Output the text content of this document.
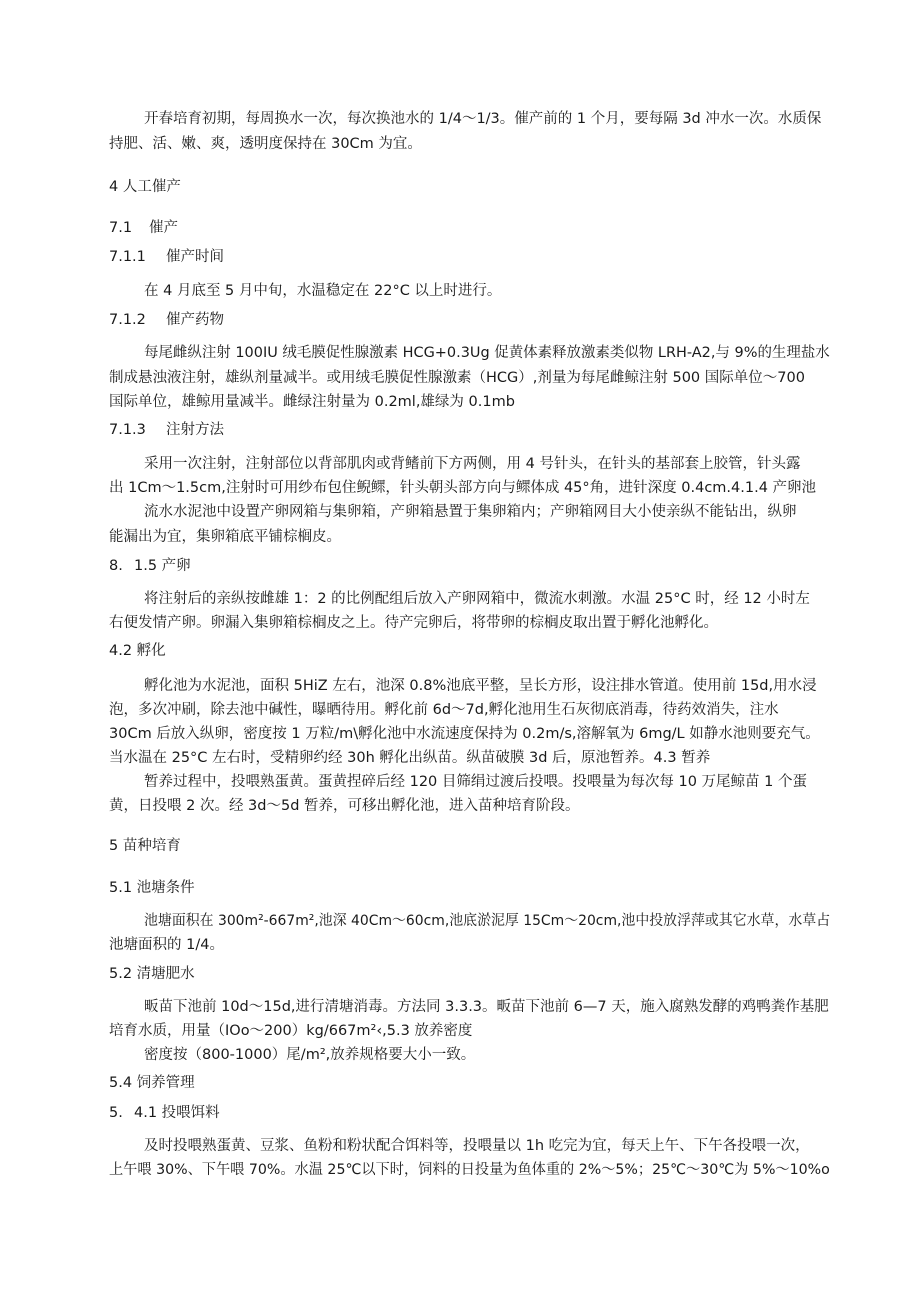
开春培育初期，每周换水一次，每次换池水的 1/4～1/3。催产前的 1 个月，要每隔 3d 冲水一次。水质保
持肥、活、嫩、爽，透明度保持在 30Cm 为宜。
4 人工催产
7.1 催产
7.1.1 催产时间
在 4 月底至 5 月中旬，水温稳定在 22°C 以上时进行。
7.1.2 催产药物
每尾雌纵注射 100IU 绒毛膜促性腺激素 HCG+0.3Ug 促黄体素释放激素类似物 LRH-A2,与 9%的生理盐水
制成悬浊液注射，雄纵剂量减半。或用绒毛膜促性腺激素（HCG）,剂量为每尾雌鲸注射 500 国际单位～700
国际单位，雄鲸用量减半。雌绿注射量为 0.2ml,雄绿为 0.1mb
7.1.3 注射方法
采用一次注射，注射部位以背部肌肉或背鳍前下方两侧，用 4 号针头，在针头的基部套上胶管，针头露
出 1Cm～1.5cm,注射时可用纱布包住鲵鳏，针头朝头部方向与鳏体成 45°角，进针深度 0.4cm.4.1.4 产卵池
流水水泥池中设置产卵网箱与集卵箱，产卵箱悬置于集卵箱内；产卵箱网目大小使亲纵不能钻出，纵卵
能漏出为宜，集卵箱底平铺棕榈皮。
8. 1.5 产卵
将注射后的亲纵按雌雄 1：2 的比例配组后放入产卵网箱中，微流水刺激。水温 25°C 时，经 12 小时左
右便发情产卵。卵漏入集卵箱棕榈皮之上。待产完卵后，将带卵的棕榈皮取出置于孵化池孵化。
4.2 孵化
孵化池为水泥池，面积 5HiZ 左右，池深 0.8%池底平整，呈长方形，设注排水管道。使用前 15d,用水浸
泡，多次冲刷，除去池中碱性，曝晒待用。孵化前 6d～7d,孵化池用生石灰彻底消毒，待药效消失，注水
30Cm 后放入纵卵，密度按 1 万粒/m\孵化池中水流速度保持为 0.2m/s,溶解氧为 6mg/L 如静水池则要充气。
当水温在 25°C 左右时，受精卵约经 30h 孵化出纵苗。纵苗破膜 3d 后，原池暂养。4.3 暂养
暂养过程中，投喂熟蛋黄。蛋黄捏碎后经 120 目筛绢过渡后投喂。投喂量为每次每 10 万尾鲸苗 1 个蛋
黄，日投喂 2 次。经 3d～5d 暂养，可移出孵化池，进入苗种培育阶段。
5 苗种培育
5.1 池塘条件
池塘面积在 300m²-667m²,池深 40Cm～60cm,池底淤泥厚 15Cm～20cm,池中投放浮萍或其它水草，水草占
池塘面积的 1/4。
5.2 清塘肥水
畈苗下池前 10d～15d,进行清塘消毒。方法同 3.3.3。畈苗下池前 6—7 天，施入腐熟发酵的鸡鸭粪作基肥
培育水质，用量（IOo～200）kg/667m²‹,5.3 放养密度
密度按（800-1000）尾/m²,放养规格要大小一致。
5.4 饲养管理
5. 4.1 投喂饵料
及时投喂熟蛋黄、豆浆、鱼粉和粉状配合饵料等，投喂量以 1h 吃完为宜，每天上午、下午各投喂一次，
上午喂 30%、下午喂 70%。水温 25℃以下时，饲料的日投量为鱼体重的 2%～5%；25℃～30℃为 5%～10%o
